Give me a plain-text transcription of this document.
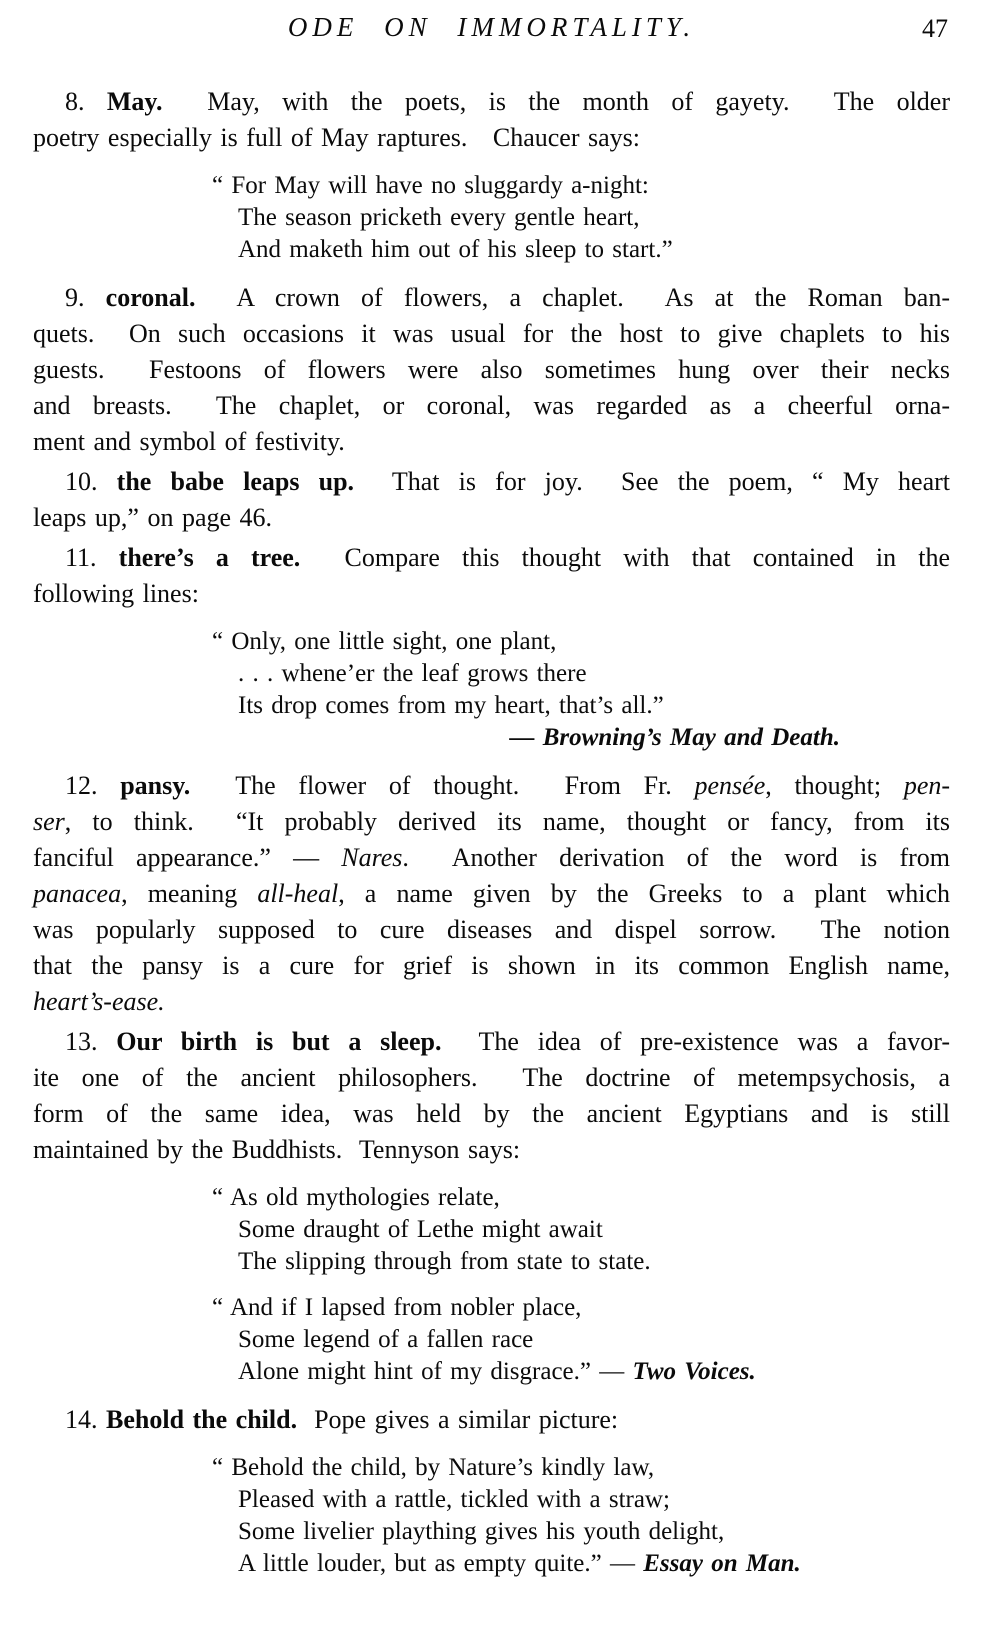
ODE ON IMMORTALITY.	47
8. May.  May, with the poets, is the month of gayety.  The older
poetry especially is full of May raptures.   Chaucer says:
“ For May will have no sluggardy a-night:
The season pricketh every gentle heart,
And maketh him out of his sleep to start.”
9. coronal.  A crown of flowers, a chaplet.  As at the Roman ban-
quets.  On such occasions it was usual for the host to give chaplets to his
guests.  Festoons of flowers were also sometimes hung over their necks
and breasts.  The chaplet, or coronal, was regarded as a cheerful orna-
ment and symbol of festivity.
10. the babe leaps up.  That is for joy.  See the poem, “ My heart
leaps up,” on page 46.
11. there’s a tree.  Compare this thought with that contained in the
following lines:
“ Only, one little sight, one plant,
. . . whene’er the leaf grows there
Its drop comes from my heart, that’s all.”
— Browning’s May and Death.
12. pansy.  The flower of thought.  From Fr. pensée, thought; pen-
ser, to think.  “It probably derived its name, thought or fancy, from its
fanciful appearance.” — Nares.  Another derivation of the word is from
panacea, meaning all-heal, a name given by the Greeks to a plant which
was popularly supposed to cure diseases and dispel sorrow.  The notion
that the pansy is a cure for grief is shown in its common English name,
heart’s-ease.
13. Our birth is but a sleep.  The idea of pre-existence was a favor-
ite one of the ancient philosophers.  The doctrine of metempsychosis, a
form of the same idea, was held by the ancient Egyptians and is still
maintained by the Buddhists.  Tennyson says:
“ As old mythologies relate,
Some draught of Lethe might await
The slipping through from state to state.
“ And if I lapsed from nobler place,
Some legend of a fallen race
Alone might hint of my disgrace.” — Two Voices.
14. Behold the child.  Pope gives a similar picture:
“ Behold the child, by Nature’s kindly law,
Pleased with a rattle, tickled with a straw;
Some livelier plaything gives his youth delight,
A little louder, but as empty quite.” — Essay on Man.
